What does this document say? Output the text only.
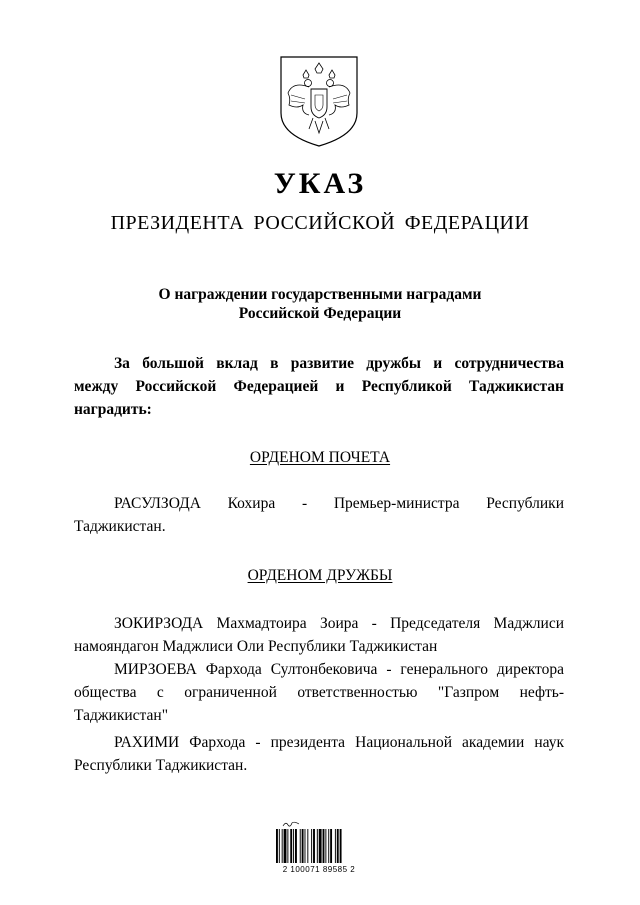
УКАЗ
ПРЕЗИДЕНТА РОССИЙСКОЙ ФЕДЕРАЦИИ
О награждении государственными наградами
Российской Федерации
За большой вклад в развитие дружбы и сотрудничества между Российской Федерацией и Республикой Таджикистан наградить:
ОРДЕНОМ ПОЧЕТА
РАСУЛЗОДА Кохира - Премьер-министра Республики Таджикистан.
ОРДЕНОМ ДРУЖБЫ
ЗОКИРЗОДА Махмадтоира Зоира - Председателя Маджлиси намояндагон Маджлиси Оли Республики Таджикистан
МИРЗОЕВА Фарходa Султонбековича - генерального директора общества с ограниченной ответственностью "Газпром нефть-Таджикистан"
РАХИМИ Фарходa - президента Национальной академии наук Республики Таджикистан.
2 100071 89585 2
